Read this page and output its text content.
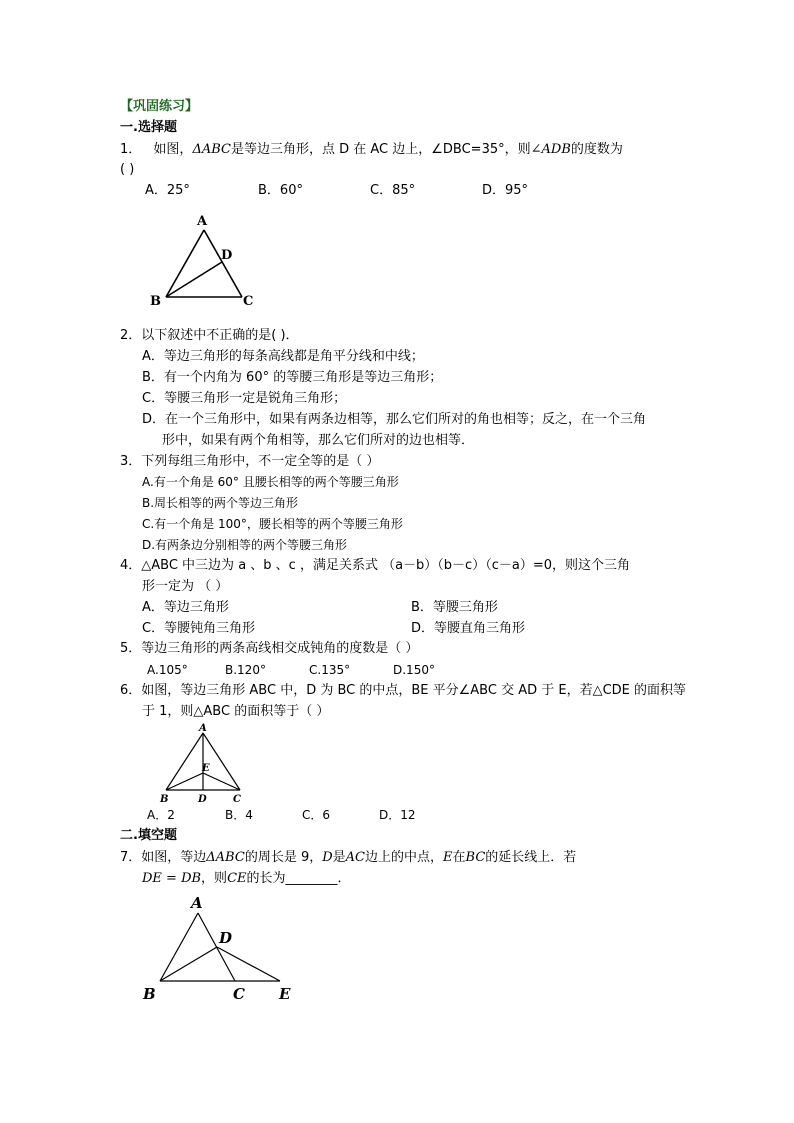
【巩固练习】
一.选择题
1． 如图，ΔABC是等边三角形，点 D 在 AC 边上，∠DBC=35°，则∠ADB的度数为
( )
A．25°	B．60°	C．85°	D．95°
A
D
B	C
2．以下叙述中不正确的是( )．
A．等边三角形的每条高线都是角平分线和中线；
B．有一个内角为 60° 的等腰三角形是等边三角形；
C．等腰三角形一定是锐角三角形；
D．在一个三角形中，如果有两条边相等，那么它们所对的角也相等；反之，在一个三角
形中，如果有两个角相等，那么它们所对的边也相等．
3．下列每组三角形中，不一定全等的是（ ）
A.有一个角是 60° 且腰长相等的两个等腰三角形
B.周长相等的两个等边三角形
C.有一个角是 100°，腰长相等的两个等腰三角形
D.有两条边分别相等的两个等腰三角形
4．△ABC 中三边为 a 、b 、c ，满足关系式 （a－b）（b－c）（c－a）=0，则这个三角
形一定为 （ ）
A．等边三角形	B．等腰三角形
C．等腰钝角三角形	D．等腰直角三角形
5．等边三角形的两条高线相交成钝角的度数是（ ）
A.105°	B.120°	C.135°	D.150°
6．如图，等边三角形 ABC 中，D 为 BC 的中点，BE 平分∠ABC 交 AD 于 E，若△CDE 的面积等
于 1，则△ABC 的面积等于（ ）
A
E
B	D	C
A．2	B．4	C．6	D．12
二.填空题
7．如图，等边ΔABC的周长是 9，D是AC边上的中点，E在BC的延长线上．若
DE = DB，则CE的长为________．
A
D
B	C E
